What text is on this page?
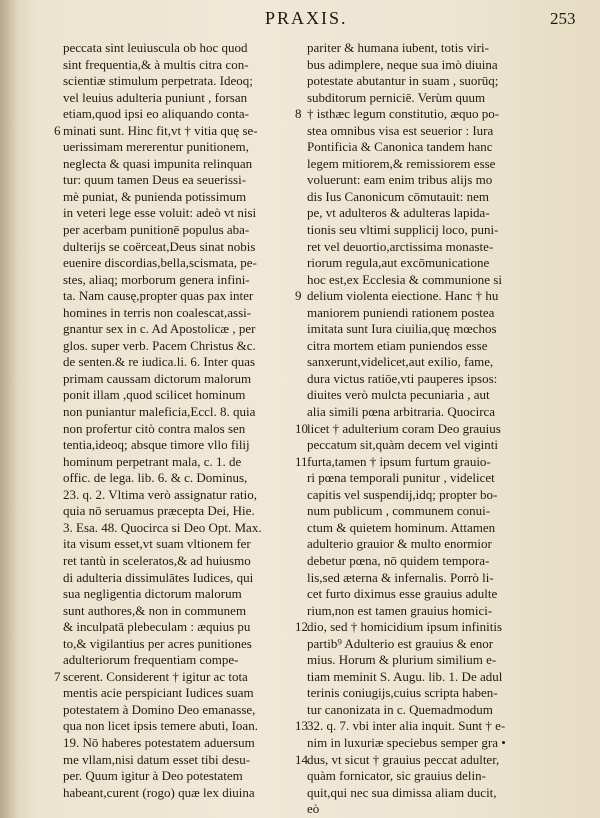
PRAXIS.	253
peccata sint leuiuscula ob hoc quod
sint frequentia,& à multis citra con-
scientiæ stimulum perpetrata. Ideoq;
vel leuius adulteria puniunt , forsan
etiam,quod ipsi eo aliquando conta-
6 minati sunt. Hinc fit,vt † vitia quę se-
uerissimam mererentur punitionem,
neglecta & quasi impunita relinquan
tur: quum tamen Deus ea seuerissi-
mè puniat, & punienda potissimum
in veteri lege esse voluit: adeò vt nisi
per acerbam punitionē populus aba-
dulterijs se coërceat,Deus sinat nobis
euenire discordias,bella,scismata, pe-
stes, aliaq; morborum genera infini-
ta. Nam causę,propter quas pax inter
homines in terris non coalescat,assi-
gnantur sex in c. Ad Apostolicæ , per
glos. super verb. Pacem Christus &c.
de senten.& re iudica.li. 6. Inter quas
primam caussam dictorum malorum
ponit illam ,quod scilicet hominum
non puniantur maleficia,Eccl. 8. quia
non profertur citò contra malos sen
tentia,ideoq; absque timore vllo filij
hominum perpetrant mala, c. 1. de
offic. de lega. lib. 6. & c. Dominus,
23. q. 2. Vltima verò assignatur ratio,
quia nō seruamus præcepta Dei, Hie.
3. Esa. 48. Quocirca si Deo Opt. Max.
ita visum esset,vt suam vltionem fer
ret tantù in sceleratos,& ad huiusmo
di adulteria dissimulātes Iudices, qui
sua negligentia dictorum malorum
sunt authores,& non in communem
& inculpatā plebeculam : æquius pu
to,& vigilantius per acres punitiones
adulteriorum frequentiam compe-
7 scerent. Considerent † igitur ac tota
mentis acie perspiciant Iudices suam
potestatem à Domino Deo emanasse,
qua non licet ipsis temere abuti, Ioan.
19. Nō haberes potestatem aduersum
me vllam,nisi datum esset tibi desu-
per. Quum igitur à Deo potestatem
habeant,curent (rogo) quæ lex diuina
pariter & humana iubent, totis viri-
bus adimplere, neque sua imò diuina
potestate abutantur in suam , suorūq;
subditorum perniciē. Verùm quum
8 † isthæc legum constitutio, æquo po-
stea omnibus visa est seuerior : Iura
Pontificia & Canonica tandem hanc
legem mitiorem,& remissiorem esse
voluerunt: eam enim tribus alijs mo
dis Ius Canonicum cōmutauit: nem
pe, vt adulteros & adulteras lapida-
tionis seu vltimi supplicij loco, puni-
ret vel deuortio,arctissima monaste-
riorum regula,aut excōmunicatione
hoc est,ex Ecclesia & communione si
9 delium violenta eiectione. Hanc † hu
maniorem puniendi rationem postea
imitata sunt Iura ciuilia,quę mœchos
citra mortem etiam puniendos esse
sanxerunt,videlicet,aut exilio, fame,
dura victus ratiōe,vti pauperes ipsos:
diuites verò mulcta pecuniaria , aut
alia simili pœna arbitraria. Quocirca
10 licet † adulterium coram Deo grauius
peccatum sit,quàm decem vel viginti
11 furta,tamen † ipsum furtum grauio-
ri pœna temporali punitur , videlicet
capitis vel suspendij,idq; propter bo-
num publicum , communem conui-
ctum & quietem hominum. Attamen
adulterio grauior & multo enormior
debetur pœna, nō quidem tempora-
lis,sed æterna & infernalis. Porrò li-
cet furto diximus esse grauius adulte
rium,non est tamen grauius homici-
12 dio, sed † homicidium ipsum infinitis
partib⁹ Adulterio est grauius & enor
mius. Horum & plurium similium e-
tiam meminit S. Augu. lib. 1. De adul
terinis coniugijs,cuius scripta haben-
tur canonizata in c. Quemadmodum
13 32. q. 7. vbi inter alia inquit. Sunt † e-
nim in luxuriæ speciebus semper gra •
14 dus, vt sicut † grauius peccat adulter,
quàm fornicator, sic grauius delin-
quit,qui nec sua dimissa aliam ducit,
eò
